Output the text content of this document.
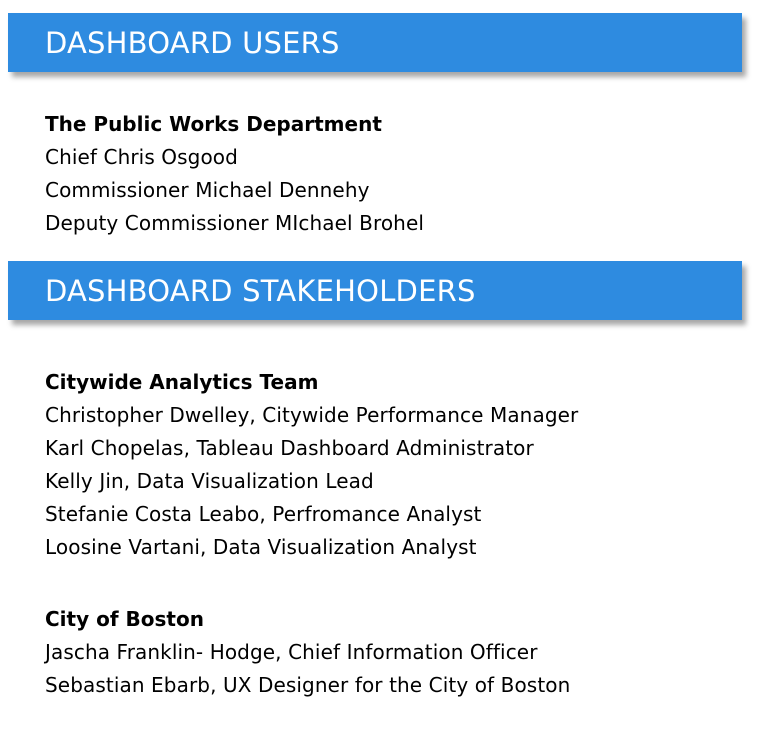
DASHBOARD USERS
The Public Works Department
Chief Chris Osgood
Commissioner Michael Dennehy
Deputy Commissioner MIchael Brohel
DASHBOARD STAKEHOLDERS
Citywide Analytics Team
Christopher Dwelley, Citywide Performance Manager
Karl Chopelas, Tableau Dashboard Administrator
Kelly Jin, Data Visualization Lead
Stefanie Costa Leabo, Perfromance Analyst
Loosine Vartani, Data Visualization Analyst
City of Boston
Jascha Franklin- Hodge, Chief Information Officer
Sebastian Ebarb, UX Designer for the City of Boston
